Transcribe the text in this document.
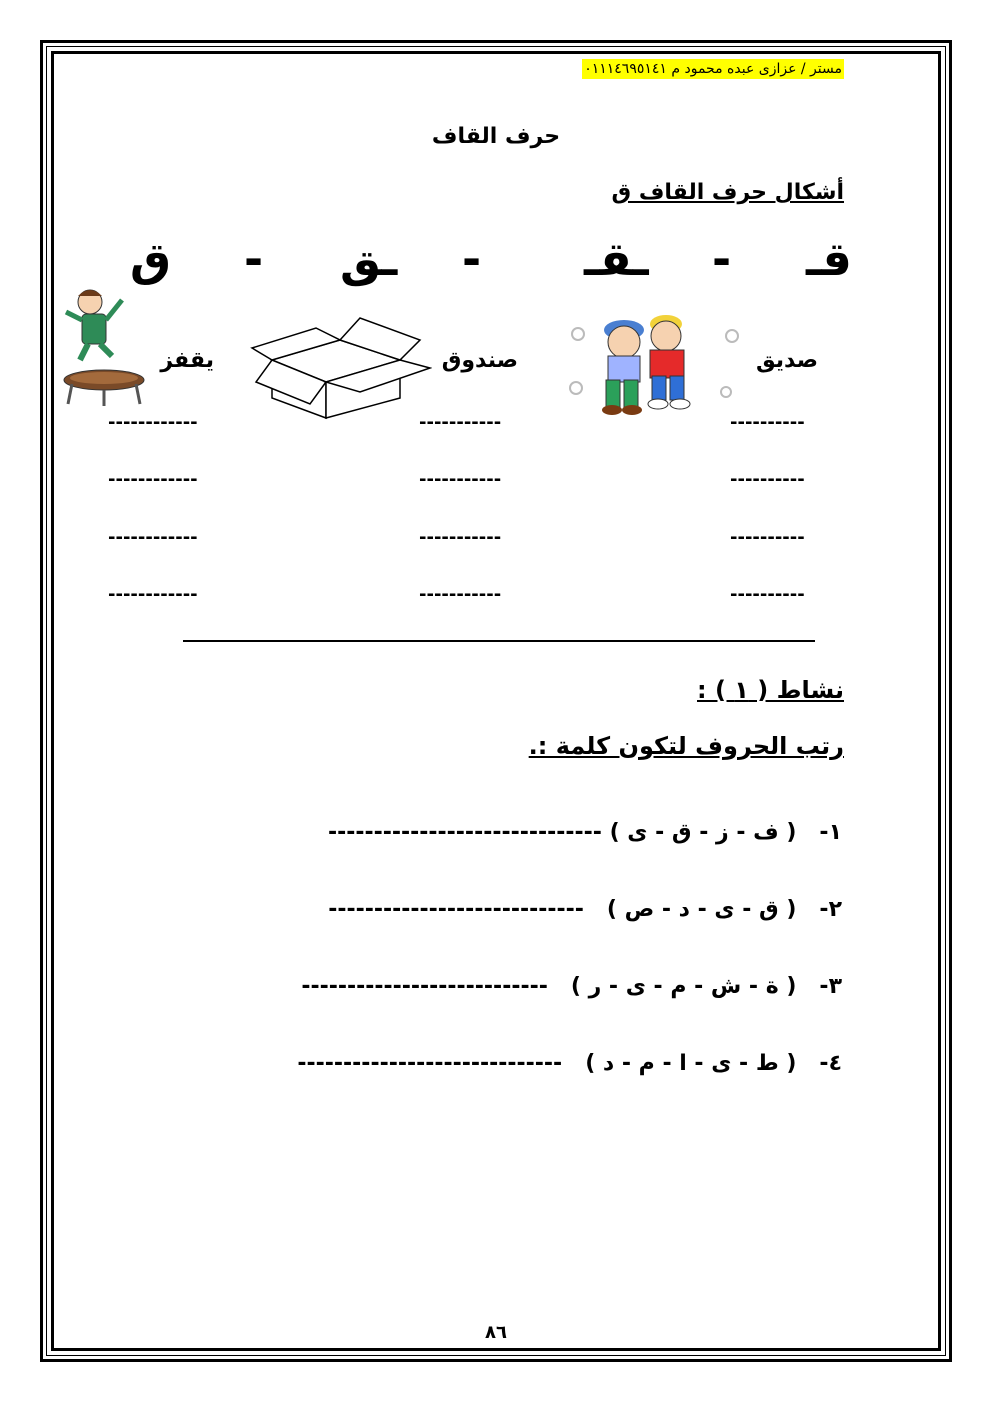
مستر / عزازى عبده محمود م ٠١١١٤٦٩٥١٤١
حرف القاف
أشكال حرف القاف ق
قـ
-
ـقـ
-
ـق
-
ق
صديق
صندوق
يقفز
----------
-----------
------------
----------
-----------
------------
----------
-----------
------------
----------
-----------
------------
نشاط ( ١ ) :
رتب الحروف لتكون كلمة :.
١-   ( ف - ز - ق - ى ) ------------------------------
٢-   ( ق - ى - د - ص )   ----------------------------
٣-   ( ة - ش - م - ى - ر )   ---------------------------
٤-   ( ط - ى - ا - م - د )   -----------------------------
٨٦
